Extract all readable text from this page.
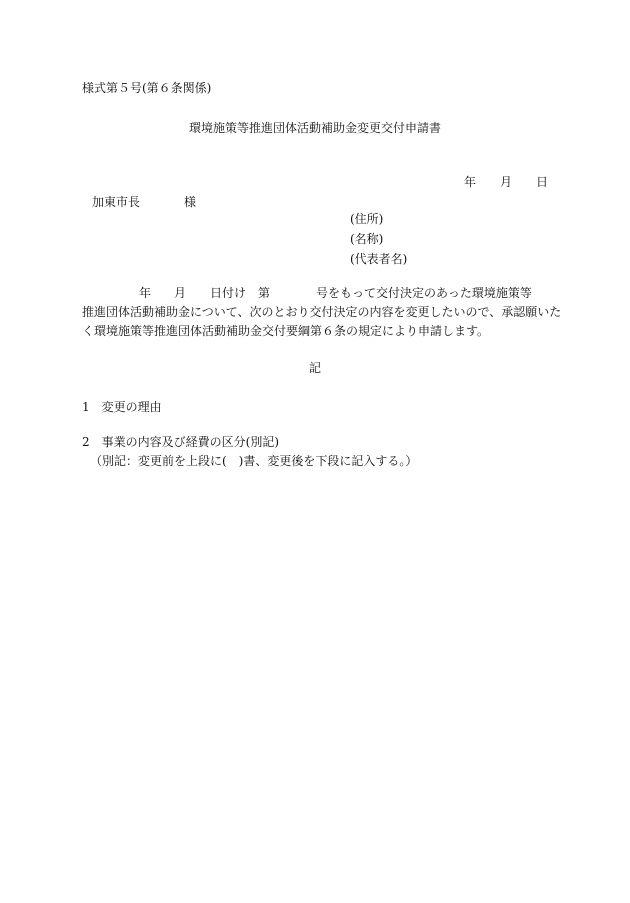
様式第５号(第６条関係)
環境施策等推進団体活動補助金変更交付申請書
年 月 日
加東市長	様
(住所)
(名称)
(代表者名)
年 月 日付け 第	号をもって交付決定のあった環境施策等
推進団体活動補助金について、次のとおり交付決定の内容を変更したいので、承認願いた
く環境施策等推進団体活動補助金交付要綱第６条の規定により申請します。
記
1　変更の理由
2　事業の内容及び経費の区分(別記)
（別記：変更前を上段に(　)書、変更後を下段に記入する。）
